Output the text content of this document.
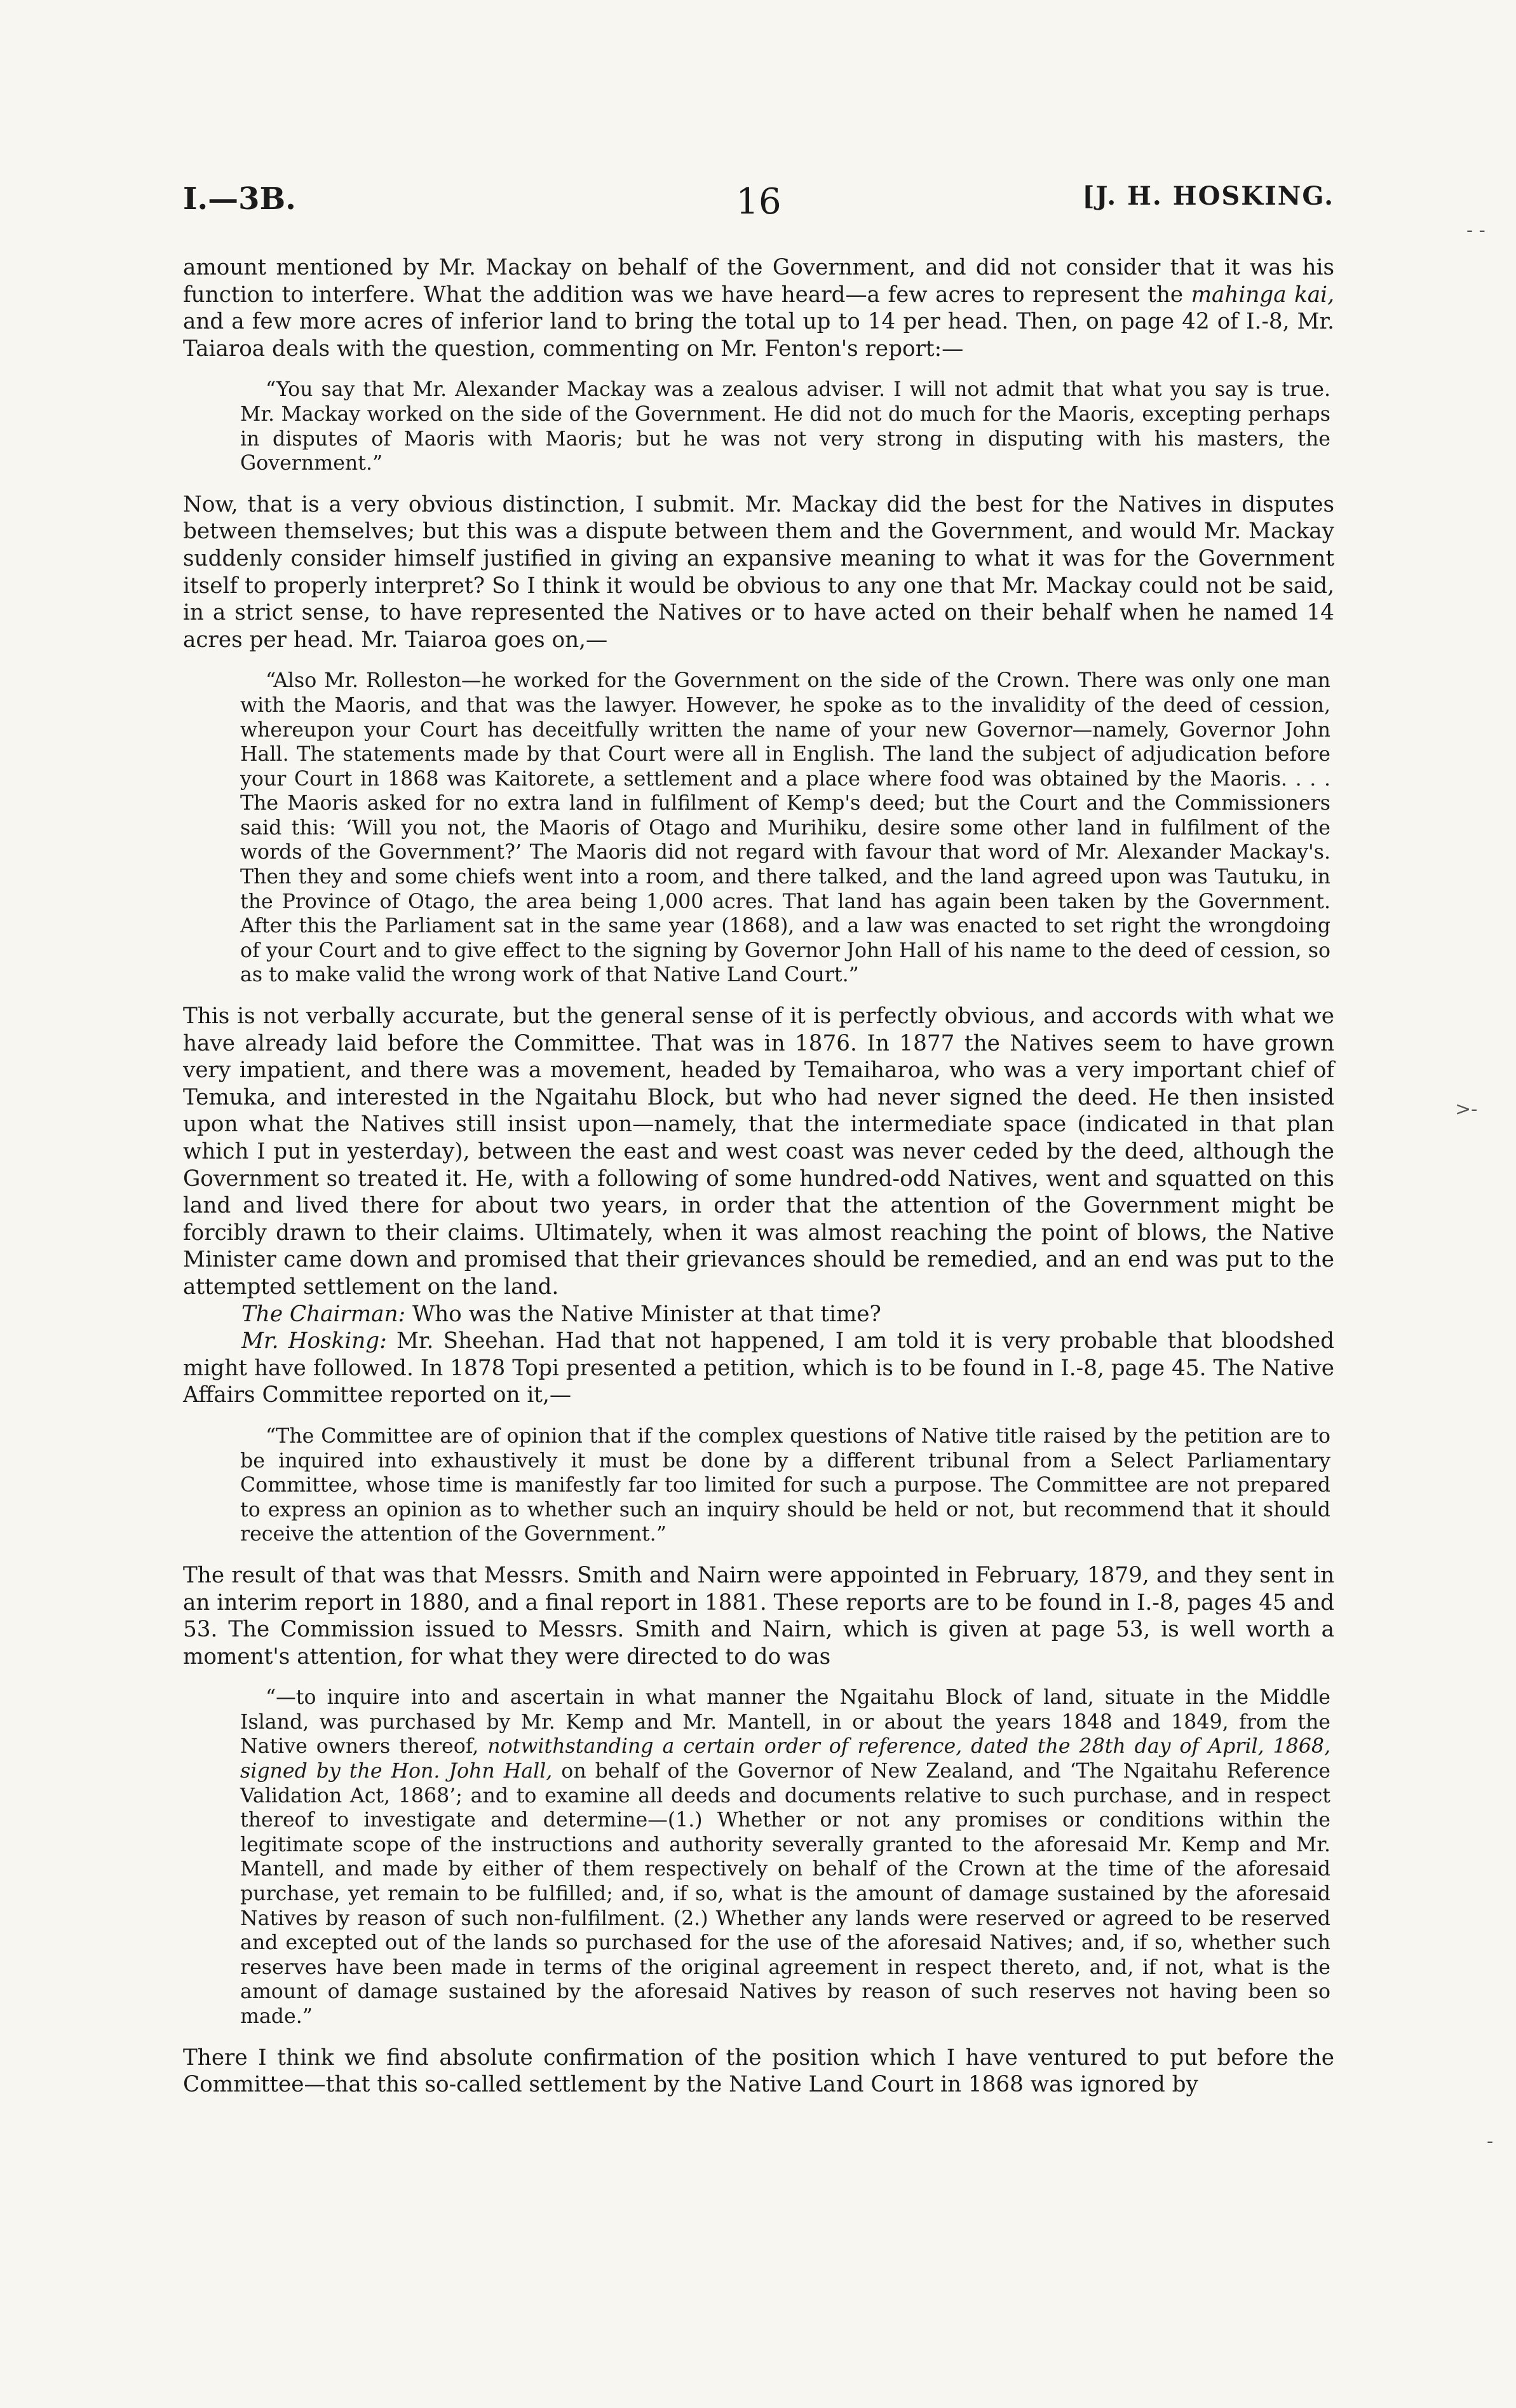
I.—3B.	16	[J. H. HOSKING.
‑ ‑
>-
-

amount mentioned by Mr. Mackay on behalf of the Government, and did not consider that it was his function to interfere. What the addition was we have heard—a few acres to represent the mahinga kai, and a few more acres of inferior land to bring the total up to 14 per head. Then, on page 42 of I.-8, Mr. Taiaroa deals with the question, commenting on Mr. Fenton's report:—

“You say that Mr. Alexander Mackay was a zealous adviser. I will not admit that what you say is true. Mr. Mackay worked on the side of the Government. He did not do much for the Maoris, excepting perhaps in disputes of Maoris with Maoris; but he was not very strong in disputing with his masters, the Government.”

Now, that is a very obvious distinction, I submit. Mr. Mackay did the best for the Natives in disputes between themselves; but this was a dispute between them and the Government, and would Mr. Mackay suddenly consider himself justified in giving an expansive meaning to what it was for the Government itself to properly interpret? So I think it would be obvious to any one that Mr. Mackay could not be said, in a strict sense, to have represented the Natives or to have acted on their behalf when he named 14 acres per head. Mr. Taiaroa goes on,—

“Also Mr. Rolleston—he worked for the Government on the side of the Crown. There was only one man with the Maoris, and that was the lawyer. However, he spoke as to the invalidity of the deed of cession, whereupon your Court has deceitfully written the name of your new Governor—namely, Governor John Hall. The statements made by that Court were all in English. The land the subject of adjudication before your Court in 1868 was Kaitorete, a settlement and a place where food was obtained by the Maoris. . . . The Maoris asked for no extra land in fulfilment of Kemp's deed; but the Court and the Commissioners said this: ‘Will you not, the Maoris of Otago and Murihiku, desire some other land in fulfilment of the words of the Government?’ The Maoris did not regard with favour that word of Mr. Alexander Mackay's. Then they and some chiefs went into a room, and there talked, and the land agreed upon was Tautuku, in the Province of Otago, the area being 1,000 acres. That land has again been taken by the Government. After this the Parliament sat in the same year (1868), and a law was enacted to set right the wrongdoing of your Court and to give effect to the signing by Governor John Hall of his name to the deed of cession, so as to make valid the wrong work of that Native Land Court.”

This is not verbally accurate, but the general sense of it is perfectly obvious, and accords with what we have already laid before the Committee. That was in 1876. In 1877 the Natives seem to have grown very impatient, and there was a movement, headed by Temaiharoa, who was a very important chief of Temuka, and interested in the Ngaitahu Block, but who had never signed the deed. He then insisted upon what the Natives still insist upon—namely, that the intermediate space (indicated in that plan which I put in yesterday), between the east and west coast was never ceded by the deed, although the Government so treated it. He, with a following of some hundred-odd Natives, went and squatted on this land and lived there for about two years, in order that the attention of the Government might be forcibly drawn to their claims. Ultimately, when it was almost reaching the point of blows, the Native Minister came down and promised that their grievances should be remedied, and an end was put to the attempted settlement on the land.

The Chairman: Who was the Native Minister at that time?

Mr. Hosking: Mr. Sheehan. Had that not happened, I am told it is very probable that bloodshed might have followed. In 1878 Topi presented a petition, which is to be found in I.-8, page 45. The Native Affairs Committee reported on it,—

“The Committee are of opinion that if the complex questions of Native title raised by the petition are to be inquired into exhaustively it must be done by a different tribunal from a Select Parliamentary Committee, whose time is manifestly far too limited for such a purpose. The Committee are not prepared to express an opinion as to whether such an inquiry should be held or not, but recommend that it should receive the attention of the Government.”

The result of that was that Messrs. Smith and Nairn were appointed in February, 1879, and they sent in an interim report in 1880, and a final report in 1881. These reports are to be found in I.-8, pages 45 and 53. The Commission issued to Messrs. Smith and Nairn, which is given at page 53, is well worth a moment's attention, for what they were directed to do was

“—to inquire into and ascertain in what manner the Ngaitahu Block of land, situate in the Middle Island, was purchased by Mr. Kemp and Mr. Mantell, in or about the years 1848 and 1849, from the Native owners thereof, notwithstanding a certain order of reference, dated the 28th day of April, 1868, signed by the Hon. John Hall, on behalf of the Governor of New Zealand, and ‘The Ngaitahu Reference Validation Act, 1868’; and to examine all deeds and documents relative to such purchase, and in respect thereof to investigate and determine—(1.) Whether or not any promises or conditions within the legitimate scope of the instructions and authority severally granted to the aforesaid Mr. Kemp and Mr. Mantell, and made by either of them respectively on behalf of the Crown at the time of the aforesaid purchase, yet remain to be fulfilled; and, if so, what is the amount of damage sustained by the aforesaid Natives by reason of such non-fulfilment. (2.) Whether any lands were reserved or agreed to be reserved and excepted out of the lands so purchased for the use of the aforesaid Natives; and, if so, whether such reserves have been made in terms of the original agreement in respect thereto, and, if not, what is the amount of damage sustained by the aforesaid Natives by reason of such reserves not having been so made.”

There I think we find absolute confirmation of the position which I have ventured to put before the Committee—that this so-called settlement by the Native Land Court in 1868 was ignored by
